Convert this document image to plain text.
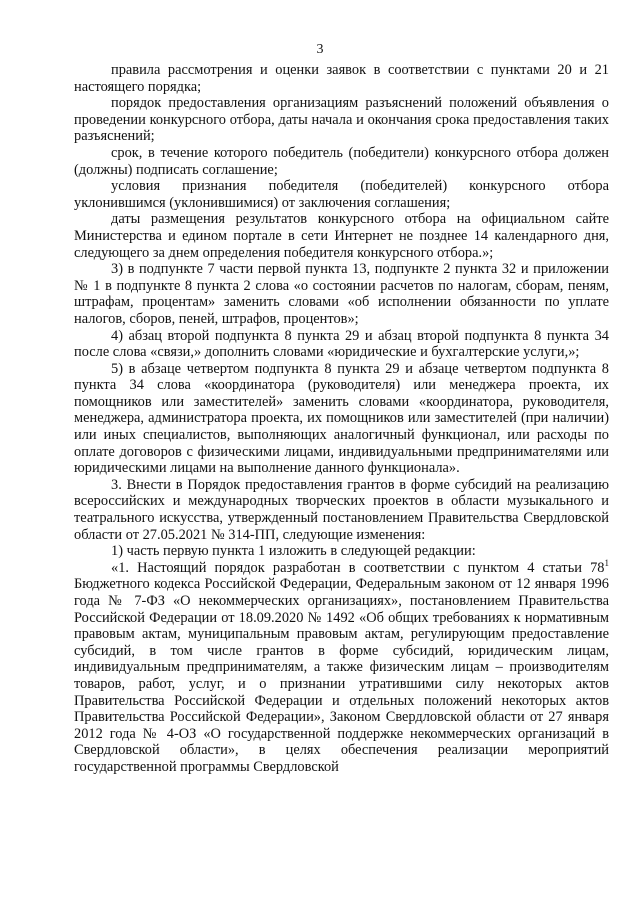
3

правила рассмотрения и оценки заявок в соответствии с пунктами 20 и 21 настоящего порядка;

порядок предоставления организациям разъяснений положений объявления о проведении конкурсного отбора, даты начала и окончания срока предоставления таких разъяснений;

срок, в течение которого победитель (победители) конкурсного отбора должен (должны) подписать соглашение;

условия признания победителя (победителей) конкурсного отбора уклонившимся (уклонившимися) от заключения соглашения;

даты размещения результатов конкурсного отбора на официальном сайте Министерства и едином портале в сети Интернет не позднее 14 календарного дня, следующего за днем определения победителя конкурсного отбора.»;

3) в подпункте 7 части первой пункта 13, подпункте 2 пункта 32 и приложении № 1 в подпункте 8 пункта 2 слова «о состоянии расчетов по налогам, сборам, пеням, штрафам, процентам» заменить словами «об исполнении обязанности по уплате налогов, сборов, пеней, штрафов, процентов»;

4) абзац второй подпункта 8 пункта 29 и абзац второй подпункта 8 пункта 34 после слова «связи,» дополнить словами «юридические и бухгалтерские услуги,»;

5) в абзаце четвертом подпункта 8 пункта 29 и абзаце четвертом подпункта 8 пункта 34 слова «координатора (руководителя) или менеджера проекта, их помощников или заместителей» заменить словами «координатора, руководителя, менеджера, администратора проекта, их помощников или заместителей (при наличии) или иных специалистов, выполняющих аналогичный функционал, или расходы по оплате договоров с физическими лицами, индивидуальными предпринимателями или юридическими лицами на выполнение данного функционала».

3. Внести в Порядок предоставления грантов в форме субсидий на реализацию всероссийских и международных творческих проектов в области музыкального и театрального искусства, утвержденный постановлением Правительства Свердловской области от 27.05.2021 № 314-ПП, следующие изменения:

1) часть первую пункта 1 изложить в следующей редакции:

«1. Настоящий порядок разработан в соответствии с пунктом 4 статьи $78^1$ Бюджетного кодекса Российской Федерации, Федеральным законом от 12 января 1996 года № 7-ФЗ «О некоммерческих организациях», постановлением Правительства Российской Федерации от 18.09.2020 № 1492 «Об общих требованиях к нормативным правовым актам, муниципальным правовым актам, регулирующим предоставление субсидий, в том числе грантов в форме субсидий, юридическим лицам, индивидуальным предпринимателям, а также физическим лицам – производителям товаров, работ, услуг, и о признании утратившими силу некоторых актов Правительства Российской Федерации и отдельных положений некоторых актов Правительства Российской Федерации», Законом Свердловской области от 27 января 2012 года № 4-ОЗ «О государственной поддержке некоммерческих организаций в Свердловской области», в целях обеспечения реализации мероприятий государственной программы Свердловской
